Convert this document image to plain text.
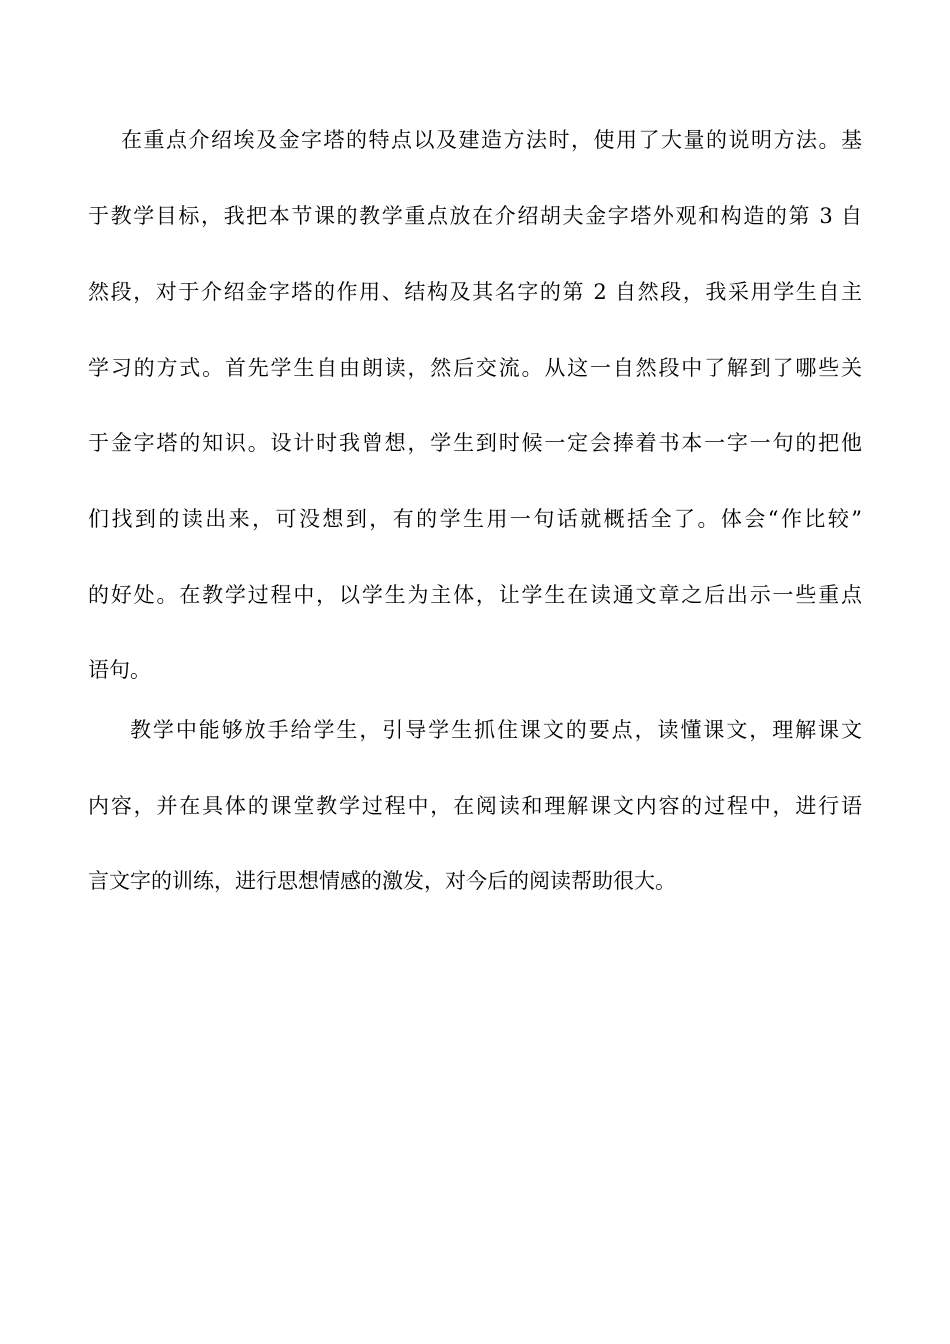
在重点介绍埃及金字塔的特点以及建造方法时，使用了大量的说明方法。基
于教学目标，我把本节课的教学重点放在介绍胡夫金字塔外观和构造的第 3 自
然段，对于介绍金字塔的作用、结构及其名字的第 2 自然段，我采用学生自主
学习的方式。首先学生自由朗读，然后交流。从这一自然段中了解到了哪些关
于金字塔的知识。设计时我曾想，学生到时候一定会捧着书本一字一句的把他
们找到的读出来，可没想到，有的学生用一句话就概括全了。体会“作比较”
的好处。在教学过程中，以学生为主体，让学生在读通文章之后出示一些重点
语句。
教学中能够放手给学生，引导学生抓住课文的要点，读懂课文，理解课文
内容，并在具体的课堂教学过程中，在阅读和理解课文内容的过程中，进行语
言文字的训练，进行思想情感的激发，对今后的阅读帮助很大。
